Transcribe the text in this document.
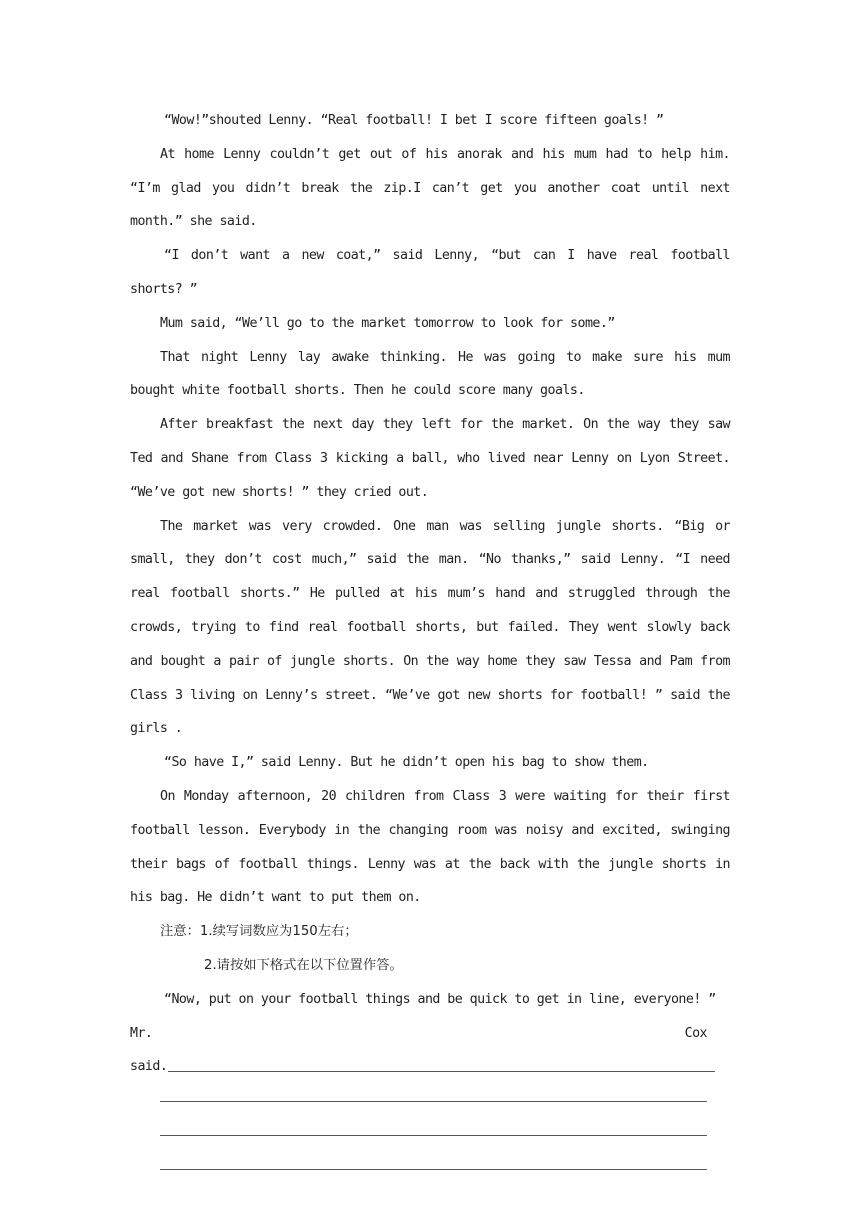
“Wow!”shouted Lenny. “Real football! I bet I score fifteen goals! ”

At home Lenny couldn’t get out of his anorak and his mum had to help him. “I’m glad you didn’t break the zip.I can’t get you another coat until next month.” she said.

“I don’t want a new coat,” said Lenny, “but can I have real football shorts? ”

Mum said, “We’ll go to the market tomorrow to look for some.”

That night Lenny lay awake thinking. He was going to make sure his mum bought white football shorts. Then he could score many goals.

After breakfast the next day they left for the market. On the way they saw Ted and Shane from Class 3 kicking a ball, who lived near Lenny on Lyon Street. “We’ve got new shorts! ” they cried out.

The market was very crowded. One man was selling jungle shorts. “Big or small, they don’t cost much,” said the man. “No thanks,” said Lenny. “I need real football shorts.” He pulled at his mum’s hand and struggled through the crowds, trying to find real football shorts, but failed. They went slowly back and bought a pair of jungle shorts. On the way home they saw Tessa and Pam from Class 3 living on Lenny’s street. “We’ve got new shorts for football! ” said the girls .

“So have I,” said Lenny. But he didn’t open his bag to show them.

On Monday afternoon, 20 children from Class 3 were waiting for their first football lesson. Everybody in the changing room was noisy and excited, swinging their bags of football things. Lenny was at the back with the jungle shorts in his bag. He didn’t want to put them on.

注意：1.续写词数应为150左右；

2.请按如下格式在以下位置作答。

“Now, put on your football things and be quick to get in line, everyone! ”

Mr.	Cox
said.
